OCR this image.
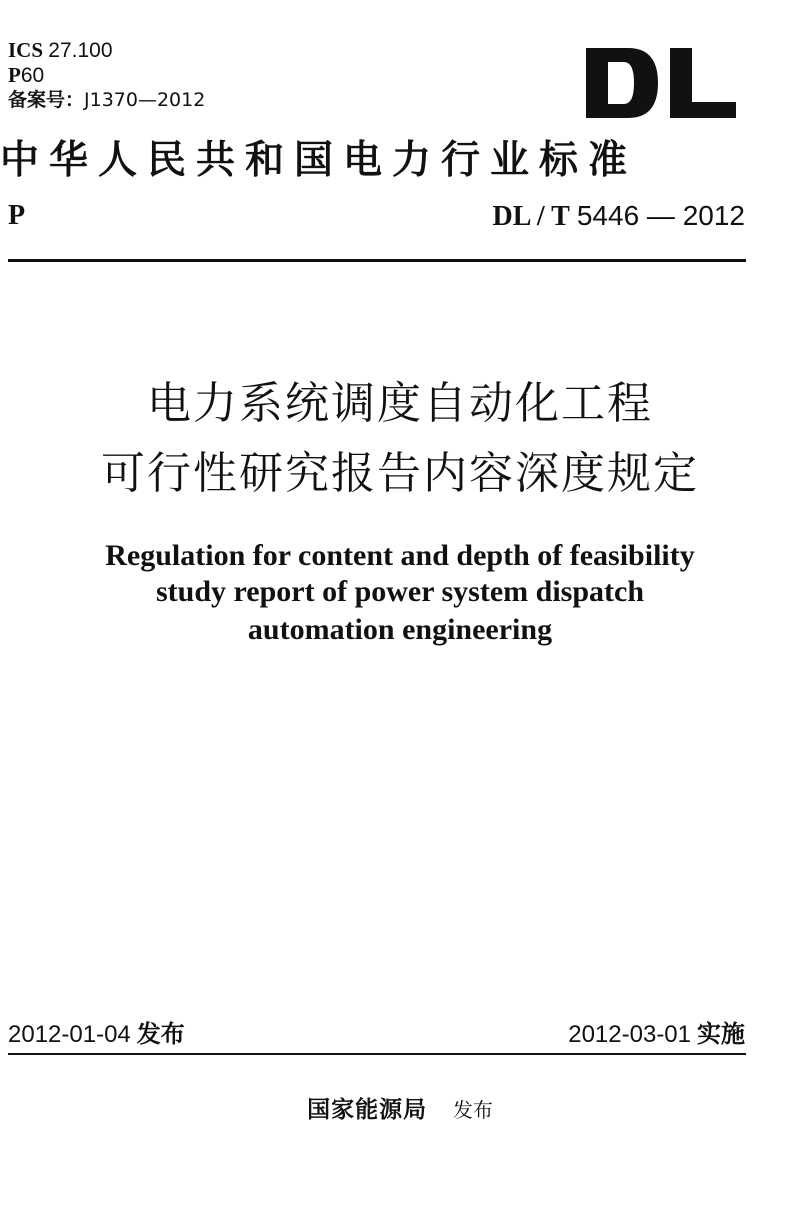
ICS 27.100
P60
备案号：J1370—2012
中华人民共和国电力行业标准
P	DL / T 5446 — 2012
电力系统调度自动化工程
可行性研究报告内容深度规定
Regulation for content and depth of feasibility
study report of power system dispatch
automation engineering
2012-01-04 发布	2012-03-01 实施
国家能源局 发布
